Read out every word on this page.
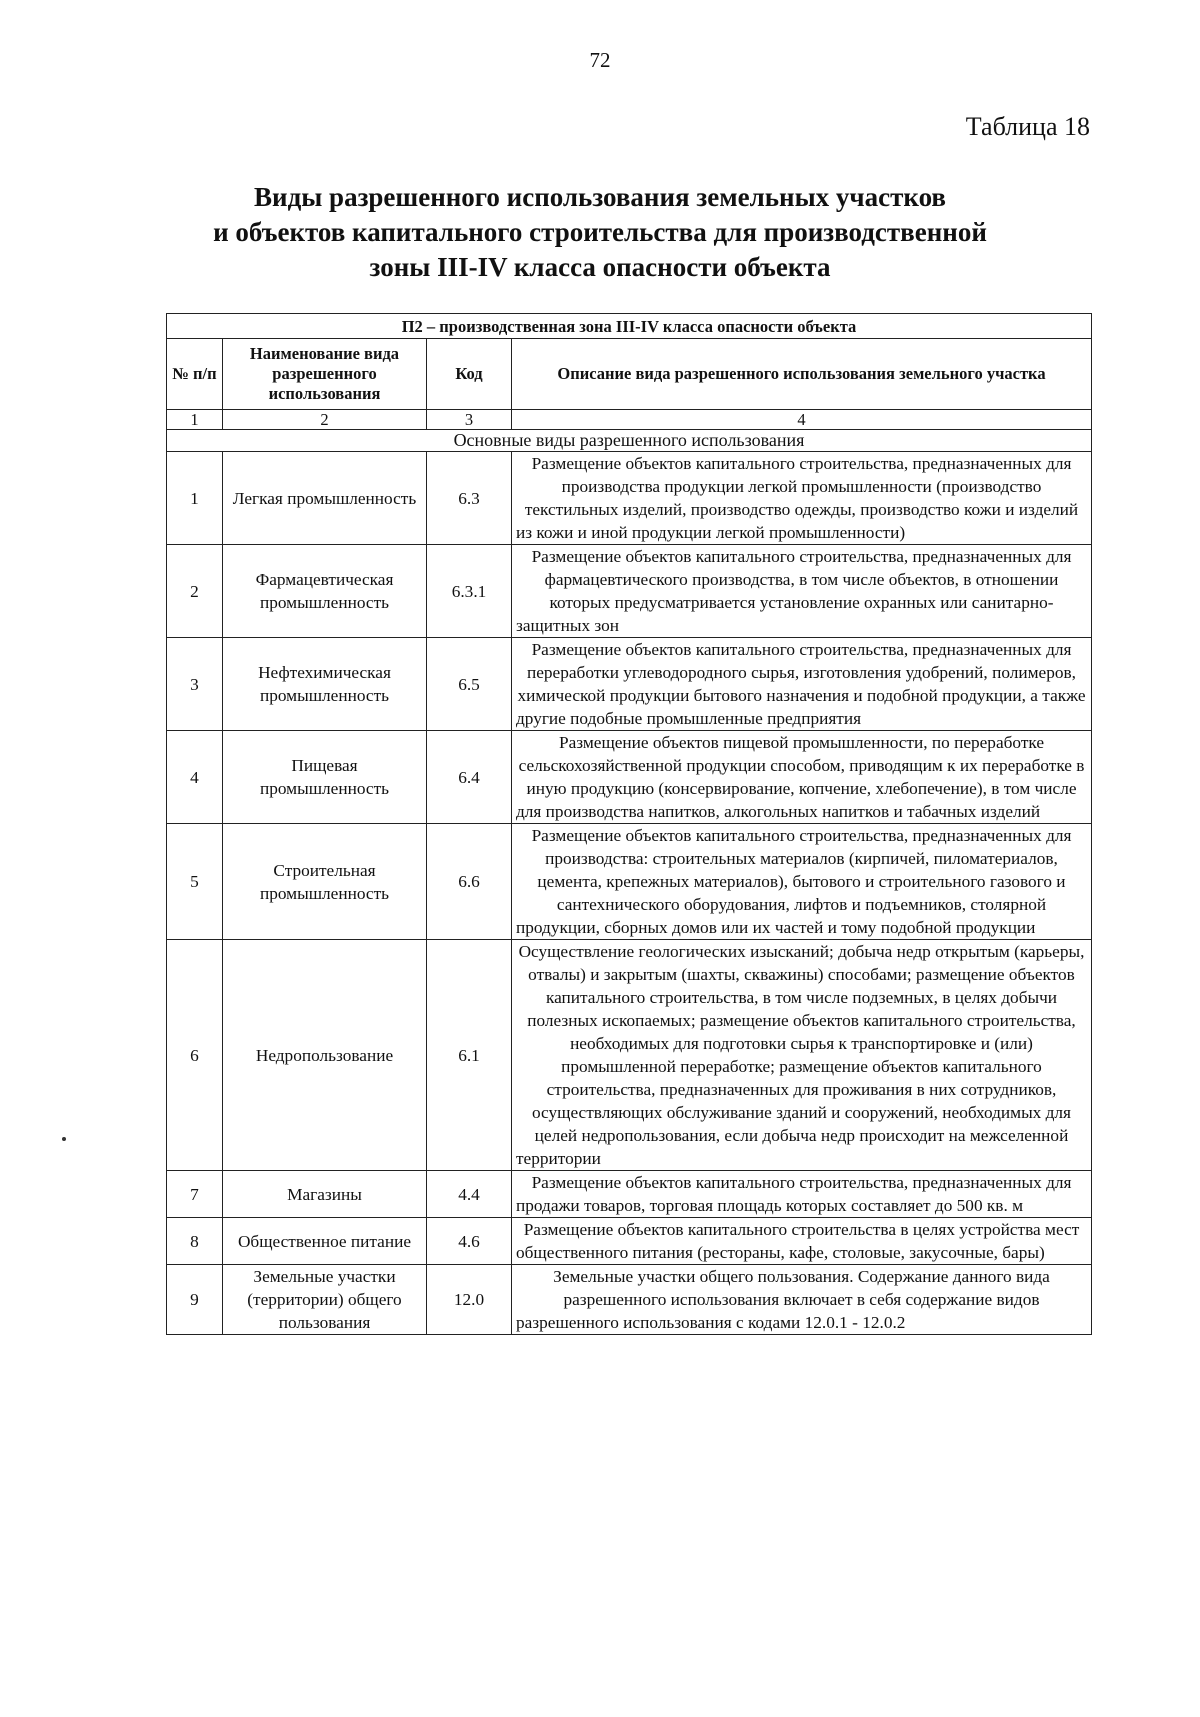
72
Таблица 18
Виды разрешенного использования земельных участков
и объектов капитального строительства для производственной
зоны III-IV класса опасности объекта
П2 – производственная зона III-IV класса опасности объекта			
№ п/п	Наименование вида разрешенного использования	Код	Описание вида разрешенного использования земельного участка
1	2	3	4
Основные виды разрешенного использования			
1	Легкая промышленность	6.3	Размещение объектов капитального строительства, предназначенных для производства продукции легкой промышленности (производство текстильных изделий, производство одежды, производство кожи и изделий из кожи и иной продукции легкой промышленности)
2	Фармацевтическая промышленность	6.3.1	Размещение объектов капитального строительства, предназначенных для фармацевтического производства, в том числе объектов, в отношении которых предусматривается установление охранных или санитарно-защитных зон
3	Нефтехимическая промышленность	6.5	Размещение объектов капитального строительства, предназначенных для переработки углеводородного сырья, изготовления удобрений, полимеров, химической продукции бытового назначения и подобной продукции, а также другие подобные промышленные предприятия
4	Пищевая промышленность	6.4	Размещение объектов пищевой промышленности, по переработке сельскохозяйственной продукции способом, приводящим к их переработке в иную продукцию (консервирование, копчение, хлебопечение), в том числе для производства напитков, алкогольных напитков и табачных изделий
5	Строительная промышленность	6.6	Размещение объектов капитального строительства, предназначенных для производства: строительных материалов (кирпичей, пиломатериалов, цемента, крепежных материалов), бытового и строительного газового и сантехнического оборудования, лифтов и подъемников, столярной продукции, сборных домов или их частей и тому подобной продукции
6	Недропользование	6.1	Осуществление геологических изысканий; добыча недр открытым (карьеры, отвалы) и закрытым (шахты, скважины) способами; размещение объектов капитального строительства, в том числе подземных, в целях добычи полезных ископаемых; размещение объектов капитального строительства, необходимых для подготовки сырья к транспортировке и (или) промышленной переработке; размещение объектов капитального строительства, предназначенных для проживания в них сотрудников, осуществляющих обслуживание зданий и сооружений, необходимых для целей недропользования, если добыча недр происходит на межселенной территории
7	Магазины	4.4	Размещение объектов капитального строительства, предназначенных для продажи товаров, торговая площадь которых составляет до 500 кв. м
8	Общественное питание	4.6	Размещение объектов капитального строительства в целях устройства мест общественного питания (рестораны, кафе, столовые, закусочные, бары)
9	Земельные участки (территории) общего пользования	12.0	Земельные участки общего пользования. Содержание данного вида разрешенного использования включает в себя содержание видов разрешенного использования с кодами 12.0.1 - 12.0.2
